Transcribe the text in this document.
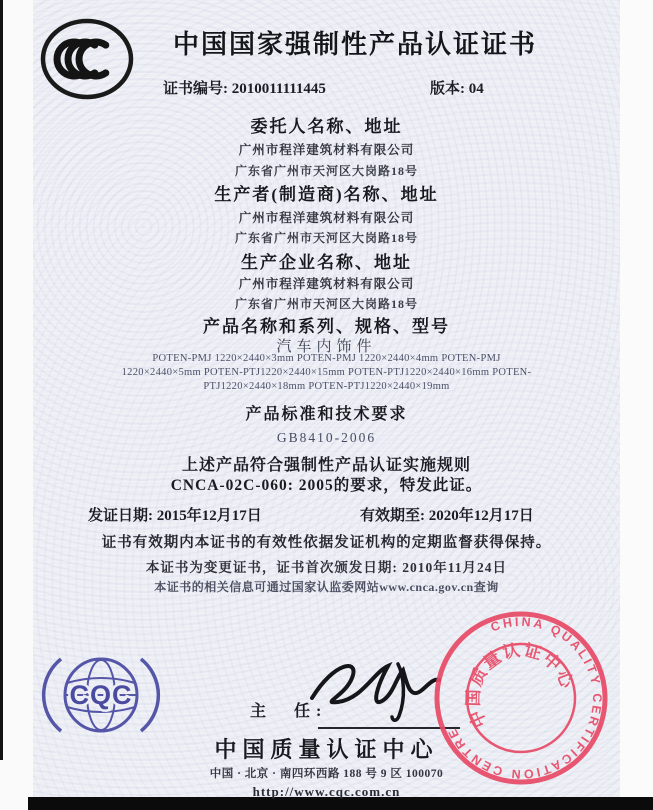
中国国家强制性产品认证证书
证书编号: 2010011111445	版本: 04
委托人名称、地址
广州市程洋建筑材料有限公司
广东省广州市天河区大岗路18号
生产者(制造商)名称、地址
广州市程洋建筑材料有限公司
广东省广州市天河区大岗路18号
生产企业名称、地址
广州市程洋建筑材料有限公司
广东省广州市天河区大岗路18号
产品名称和系列、规格、型号
汽车内饰件
POTEN-PMJ 1220×2440×3mm POTEN-PMJ 1220×2440×4mm POTEN-PMJ
1220×2440×5mm POTEN-PTJ1220×2440×15mm POTEN-PTJ1220×2440×16mm POTEN-
PTJ1220×2440×18mm POTEN-PTJ1220×2440×19mm
产品标准和技术要求
GB8410-2006
上述产品符合强制性产品认证实施规则
CNCA-02C-060: 2005的要求，特发此证。
发证日期: 2015年12月17日	有效期至: 2020年12月17日
证书有效期内本证书的有效性依据发证机构的定期监督获得保持。
本证书为变更证书，证书首次颁发日期: 2010年11月24日
本证书的相关信息可通过国家认监委网站www.cnca.gov.cn查询
CQC
主　任:
中国质量认证中心
中国 · 北京 · 南四环西路 188 号 9 区 100070
http://www.cqc.com.cn
CHINA QUALITY CERTIFICATION CENTRE
中国质量认证中心
